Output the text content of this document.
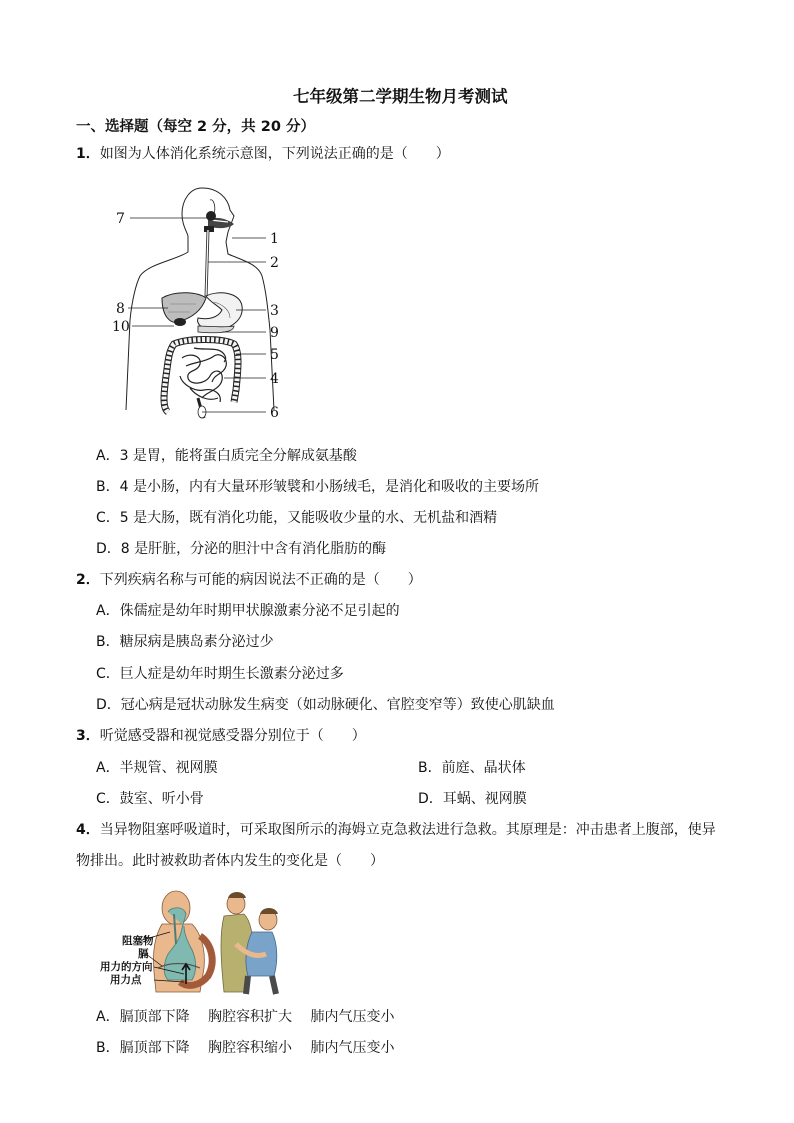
七年级第二学期生物月考测试
一、选择题（每空 2 分，共 20 分）
1．如图为人体消化系统示意图，下列说法正确的是（　　）
7
1
2
8	3
10	9
5
4
6
A．3 是胃，能将蛋白质完全分解成氨基酸
B．4 是小肠，内有大量环形皱襞和小肠绒毛，是消化和吸收的主要场所
C．5 是大肠，既有消化功能，又能吸收少量的水、无机盐和酒精
D．8 是肝脏，分泌的胆汁中含有消化脂肪的酶
2．下列疾病名称与可能的病因说法不正确的是（　　）
A．侏儒症是幼年时期甲状腺激素分泌不足引起的
B．糖尿病是胰岛素分泌过少
C．巨人症是幼年时期生长激素分泌过多
D．冠心病是冠状动脉发生病变（如动脉硬化、官腔变窄等）致使心肌缺血
3．听觉感受器和视觉感受器分别位于（　　）
A．半规管、视网膜	B．前庭、晶状体
C．鼓室、听小骨	D．耳蜗、视网膜
4．当异物阻塞呼吸道时，可采取图所示的海姆立克急救法进行急救。其原理是：冲击患者上腹部，使异
物排出。此时被救助者体内发生的变化是（　　）
阻塞物
膈
用力的方向
用力点
A．膈顶部下降　 胸腔容积扩大　 肺内气压变小
B．膈顶部下降　 胸腔容积缩小　 肺内气压变小
